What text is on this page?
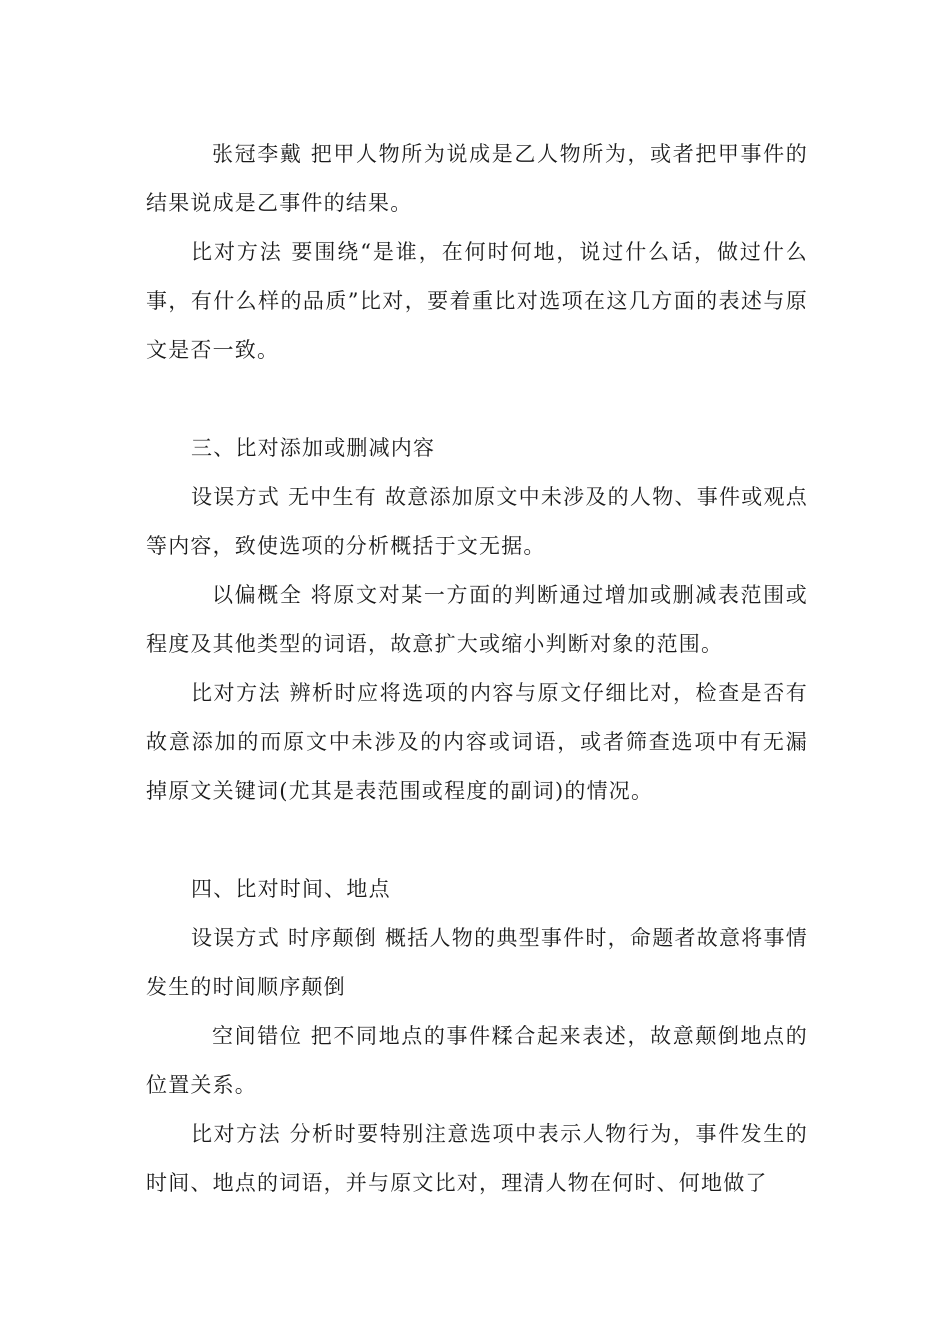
张冠李戴 把甲人物所为说成是乙人物所为，或者把甲事件的结果说成是乙事件的结果。

比对方法 要围绕“是谁，在何时何地，说过什么话，做过什么事，有什么样的品质”比对，要着重比对选项在这几方面的表述与原文是否一致。

三、比对添加或删减内容

设误方式 无中生有 故意添加原文中未涉及的人物、事件或观点等内容，致使选项的分析概括于文无据。

以偏概全 将原文对某一方面的判断通过增加或删减表范围或程度及其他类型的词语，故意扩大或缩小判断对象的范围。

比对方法 辨析时应将选项的内容与原文仔细比对，检查是否有故意添加的而原文中未涉及的内容或词语，或者筛查选项中有无漏掉原文关键词(尤其是表范围或程度的副词)的情况。

四、比对时间、地点

设误方式 时序颠倒 概括人物的典型事件时，命题者故意将事情发生的时间顺序颠倒

空间错位 把不同地点的事件糅合起来表述，故意颠倒地点的位置关系。

比对方法 分析时要特别注意选项中表示人物行为，事件发生的时间、地点的词语，并与原文比对，理清人物在何时、何地做了
